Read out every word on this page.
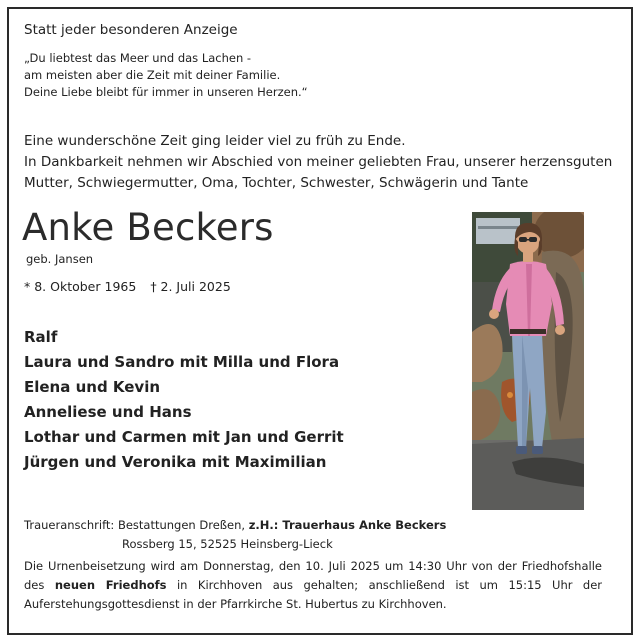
Statt jeder besonderen Anzeige
„Du liebtest das Meer und das Lachen -
am meisten aber die Zeit mit deiner Familie.
Deine Liebe bleibt für immer in unseren Herzen.“
Eine wunderschöne Zeit ging leider viel zu früh zu Ende.
In Dankbarkeit nehmen wir Abschied von meiner geliebten Frau, unserer herzensguten
Mutter, Schwiegermutter, Oma, Tochter, Schwester, Schwägerin und Tante
Anke Beckers
geb. Jansen
* 8. Oktober 1965 † 2. Juli 2025
Ralf
Laura und Sandro mit Milla und Flora
Elena und Kevin
Anneliese und Hans
Lothar und Carmen mit Jan und Gerrit
Jürgen und Veronika mit Maximilian
Traueranschrift: Bestattungen Dreßen, z.H.: Trauerhaus Anke Beckers
Rossberg 15, 52525 Heinsberg-Lieck
Die Urnenbeisetzung wird am Donnerstag, den 10. Juli 2025 um 14:30 Uhr von der Friedhofshalle des neuen Friedhofs in Kirchhoven aus gehalten; anschließend ist um 15:15 Uhr der Auferstehungsgottesdienst in der Pfarrkirche St. Hubertus zu Kirchhoven.
